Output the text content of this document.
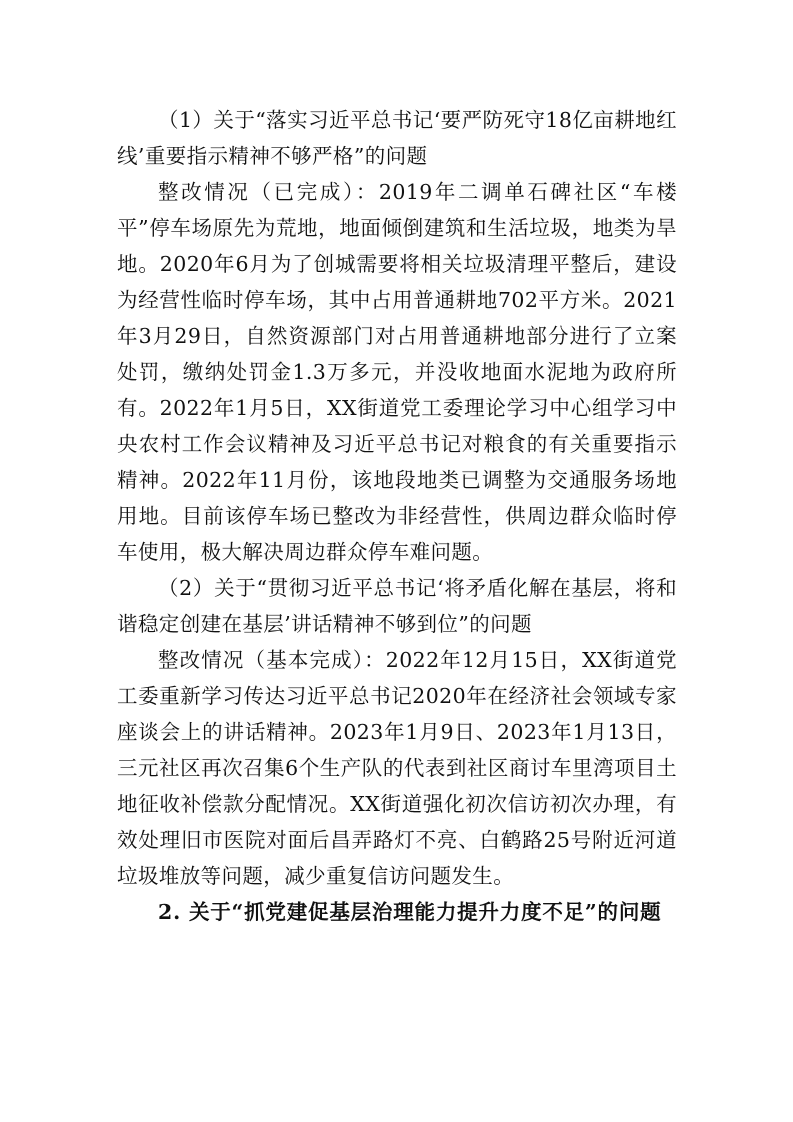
（1）关于“落实习近平总书记‘要严防死守18亿亩耕地红线’重要指示精神不够严格”的问题

整改情况（已完成）：2019年二调单石碑社区“车楼平”停车场原先为荒地，地面倾倒建筑和生活垃圾，地类为旱地。2020年6月为了创城需要将相关垃圾清理平整后，建设为经营性临时停车场，其中占用普通耕地702平方米。2021年3月29日，自然资源部门对占用普通耕地部分进行了立案处罚，缴纳处罚金1.3万多元，并没收地面水泥地为政府所有。2022年1月5日，XX街道党工委理论学习中心组学习中央农村工作会议精神及习近平总书记对粮食的有关重要指示精神。2022年11月份，该地段地类已调整为交通服务场地用地。目前该停车场已整改为非经营性，供周边群众临时停车使用，极大解决周边群众停车难问题。

（2）关于“贯彻习近平总书记‘将矛盾化解在基层，将和谐稳定创建在基层’讲话精神不够到位”的问题

整改情况（基本完成）：2022年12月15日，XX街道党工委重新学习传达习近平总书记2020年在经济社会领域专家座谈会上的讲话精神。2023年1月9日、2023年1月13日，三元社区再次召集6个生产队的代表到社区商讨车里湾项目土地征收补偿款分配情况。XX街道强化初次信访初次办理，有效处理旧市医院对面后昌弄路灯不亮、白鹤路25号附近河道垃圾堆放等问题，减少重复信访问题发生。

2. 关于“抓党建促基层治理能力提升力度不足”的问题
